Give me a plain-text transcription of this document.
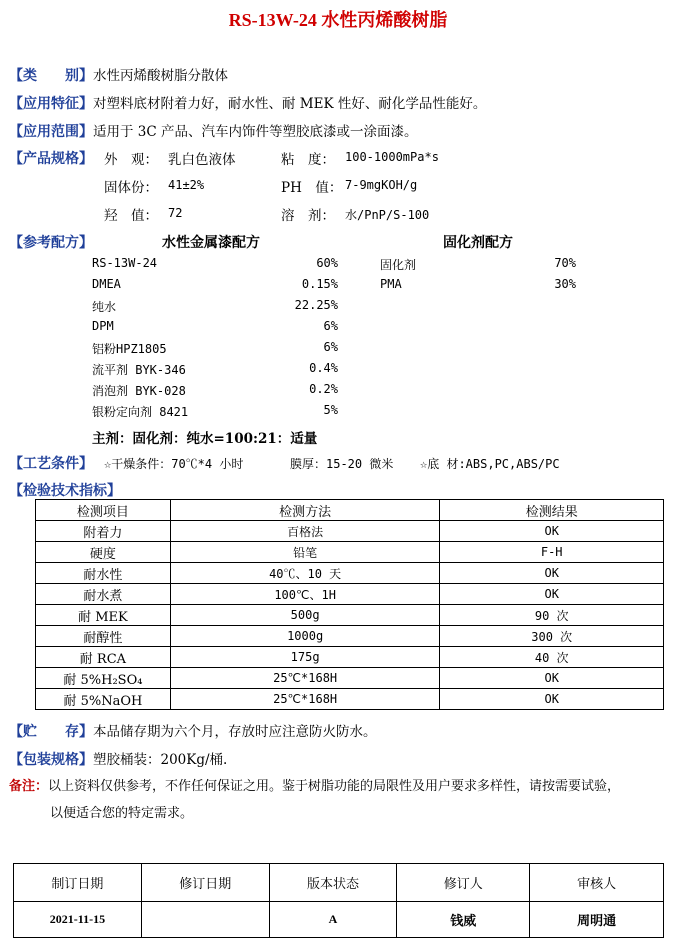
RS-13W-24 水性丙烯酸树脂
【类　　别】水性丙烯酸树脂分散体
【应用特征】对塑料底材附着力好，耐水性、耐 MEK 性好、耐化学品性能好。
【应用范围】适用于 3C 产品、汽车内饰件等塑胶底漆或一涂面漆。
【产品规格】 外　观： 乳白色液体	粘　度： 100-1000mPa*s
固体份： 41±2%	PH　值： 7-9mgKOH/g
羟　值： 72	溶　剂： 水/PnP/S-100
【参考配方】	水性金属漆配方	固化剂配方
RS-13W-24	60%
DMEA	0.15%
纯水	22.25%
DPM	6%
铝粉HPZ1805	6%
流平剂 BYK-346	0.4%
消泡剂 BYK-028	0.2%
银粉定向剂 8421	5%
固化剂	70%
PMA	30%
主剂：固化剂：纯水=100:21：适量
【工艺条件】 ☆干燥条件：70℃*4 小时	膜厚：15-20 微米 ☆底 材:ABS,PC,ABS/PC
【检验技术指标】
检测项目	检测方法	检测结果
附着力	百格法	OK
硬度	铅笔	F-H
耐水性	40℃、10 天	OK
耐水煮	100℃、1H	OK
耐 MEK	500g	90 次
耐醇性	1000g	300 次
耐 RCA	175g	40 次
耐 5%H₂SO₄	25℃*168H	OK
耐 5%NaOH	25℃*168H	OK
【贮　　存】本品储存期为六个月，存放时应注意防火防水。
【包装规格】塑胶桶装：200Kg/桶.
备注：以上资料仅供参考，不作任何保证之用。鉴于树脂功能的局限性及用户要求多样性，请按需要试验，
以便适合您的特定需求。
制订日期	修订日期	版本状态	修订人	审核人
2021-11-15		A	钱威	周明通
